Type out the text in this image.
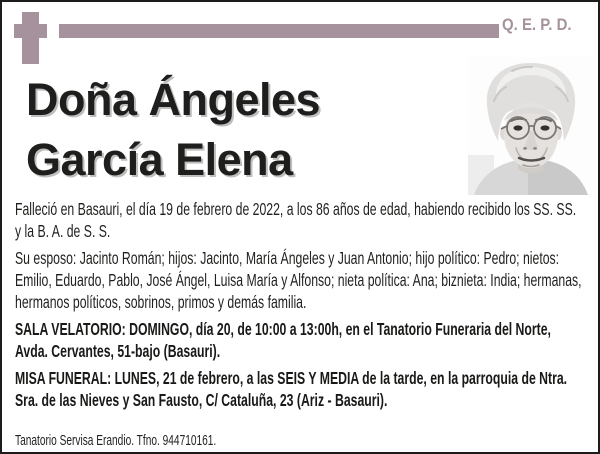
Q. E. P. D.
Doña Ángeles
García Elena

Falleció en Basauri, el día 19 de febrero de 2022, a los 86 años de edad, habiendo recibido los SS. SS. y la B. A. de S. S.

Su esposo: Jacinto Román; hijos: Jacinto, María Ángeles y Juan Antonio; hijo político: Pedro; nietos: Emilio, Eduardo, Pablo, José Ángel, Luisa María y Alfonso; nieta política: Ana; biznieta: India; hermanas, hermanos políticos, sobrinos, primos y demás familia.

SALA VELATORIO: DOMINGO, día 20, de 10:00 a 13:00h, en el Tanatorio Funeraria del Norte, Avda. Cervantes, 51-bajo (Basauri).

MISA FUNERAL: LUNES, 21 de febrero, a las SEIS Y MEDIA de la tarde, en la parroquia de Ntra. Sra. de las Nieves y San Fausto, C/ Cataluña, 23 (Ariz - Basauri).

Tanatorio Servisa Erandio. Tfno. 944710161.
